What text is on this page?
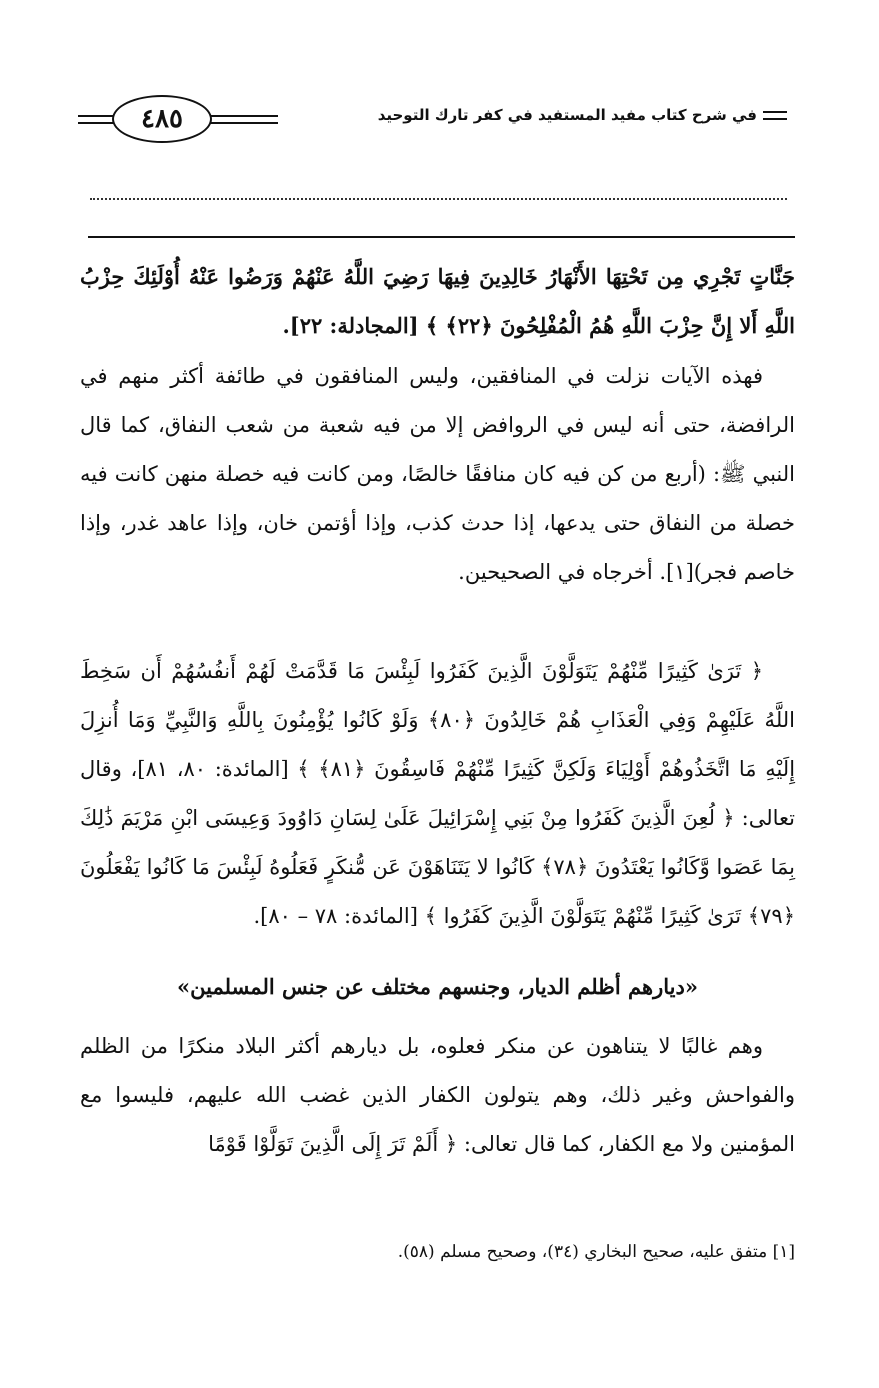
في شرح كتاب مفيد المستفيد في كفر تارك التوحيد
٤٨٥

جَنَّاتٍ تَجْرِي مِن تَحْتِهَا الأَنْهَارُ خَالِدِينَ فِيهَا رَضِيَ اللَّهُ عَنْهُمْ وَرَضُوا عَنْهُ أُوْلَئِكَ حِزْبُ اللَّهِ أَلا إِنَّ حِزْبَ اللَّهِ هُمُ الْمُفْلِحُونَ ﴿٢٢﴾ ﴾ [المجادلة: ٢٢].

فهذه الآيات نزلت في المنافقين، وليس المنافقون في طائفة أكثر منهم في الرافضة، حتى أنه ليس في الروافض إلا من فيه شعبة من شعب النفاق، كما قال النبي ﷺ: (أربع من كن فيه كان منافقًا خالصًا، ومن كانت فيه خصلة منهن كانت فيه خصلة من النفاق حتى يدعها، إذا حدث كذب، وإذا أؤتمن خان، وإذا عاهد غدر، وإذا خاصم فجر)[١]. أخرجاه في الصحيحين.

﴿ تَرَىٰ كَثِيرًا مِّنْهُمْ يَتَوَلَّوْنَ الَّذِينَ كَفَرُوا لَبِئْسَ مَا قَدَّمَتْ لَهُمْ أَنفُسُهُمْ أَن سَخِطَ اللَّهُ عَلَيْهِمْ وَفِي الْعَذَابِ هُمْ خَالِدُونَ ﴿٨٠﴾ وَلَوْ كَانُوا يُؤْمِنُونَ بِاللَّهِ وَالنَّبِيِّ وَمَا أُنزِلَ إِلَيْهِ مَا اتَّخَذُوهُمْ أَوْلِيَاءَ وَلَكِنَّ كَثِيرًا مِّنْهُمْ فَاسِقُونَ ﴿٨١﴾ ﴾ [المائدة: ٨٠، ٨١]، وقال تعالى: ﴿ لُعِنَ الَّذِينَ كَفَرُوا مِنْ بَنِي إِسْرَائِيلَ عَلَىٰ لِسَانِ دَاوُودَ وَعِيسَى ابْنِ مَرْيَمَ ذَٰلِكَ بِمَا عَصَوا وَّكَانُوا يَعْتَدُونَ ﴿٧٨﴾ كَانُوا لا يَتَنَاهَوْنَ عَن مُّنكَرٍ فَعَلُوهُ لَبِئْسَ مَا كَانُوا يَفْعَلُونَ ﴿٧٩﴾ تَرَىٰ كَثِيرًا مِّنْهُمْ يَتَوَلَّوْنَ الَّذِينَ كَفَرُوا ﴾ [المائدة: ٧٨ – ٨٠].

«ديارهم أظلم الديار، وجنسهم مختلف عن جنس المسلمين»

وهم غالبًا لا يتناهون عن منكر فعلوه، بل ديارهم أكثر البلاد منكرًا من الظلم والفواحش وغير ذلك، وهم يتولون الكفار الذين غضب الله عليهم، فليسوا مع المؤمنين ولا مع الكفار، كما قال تعالى: ﴿ أَلَمْ تَرَ إِلَى الَّذِينَ تَوَلَّوْا قَوْمًا

[١] متفق عليه، صحيح البخاري (٣٤)، وصحيح مسلم (٥٨).
